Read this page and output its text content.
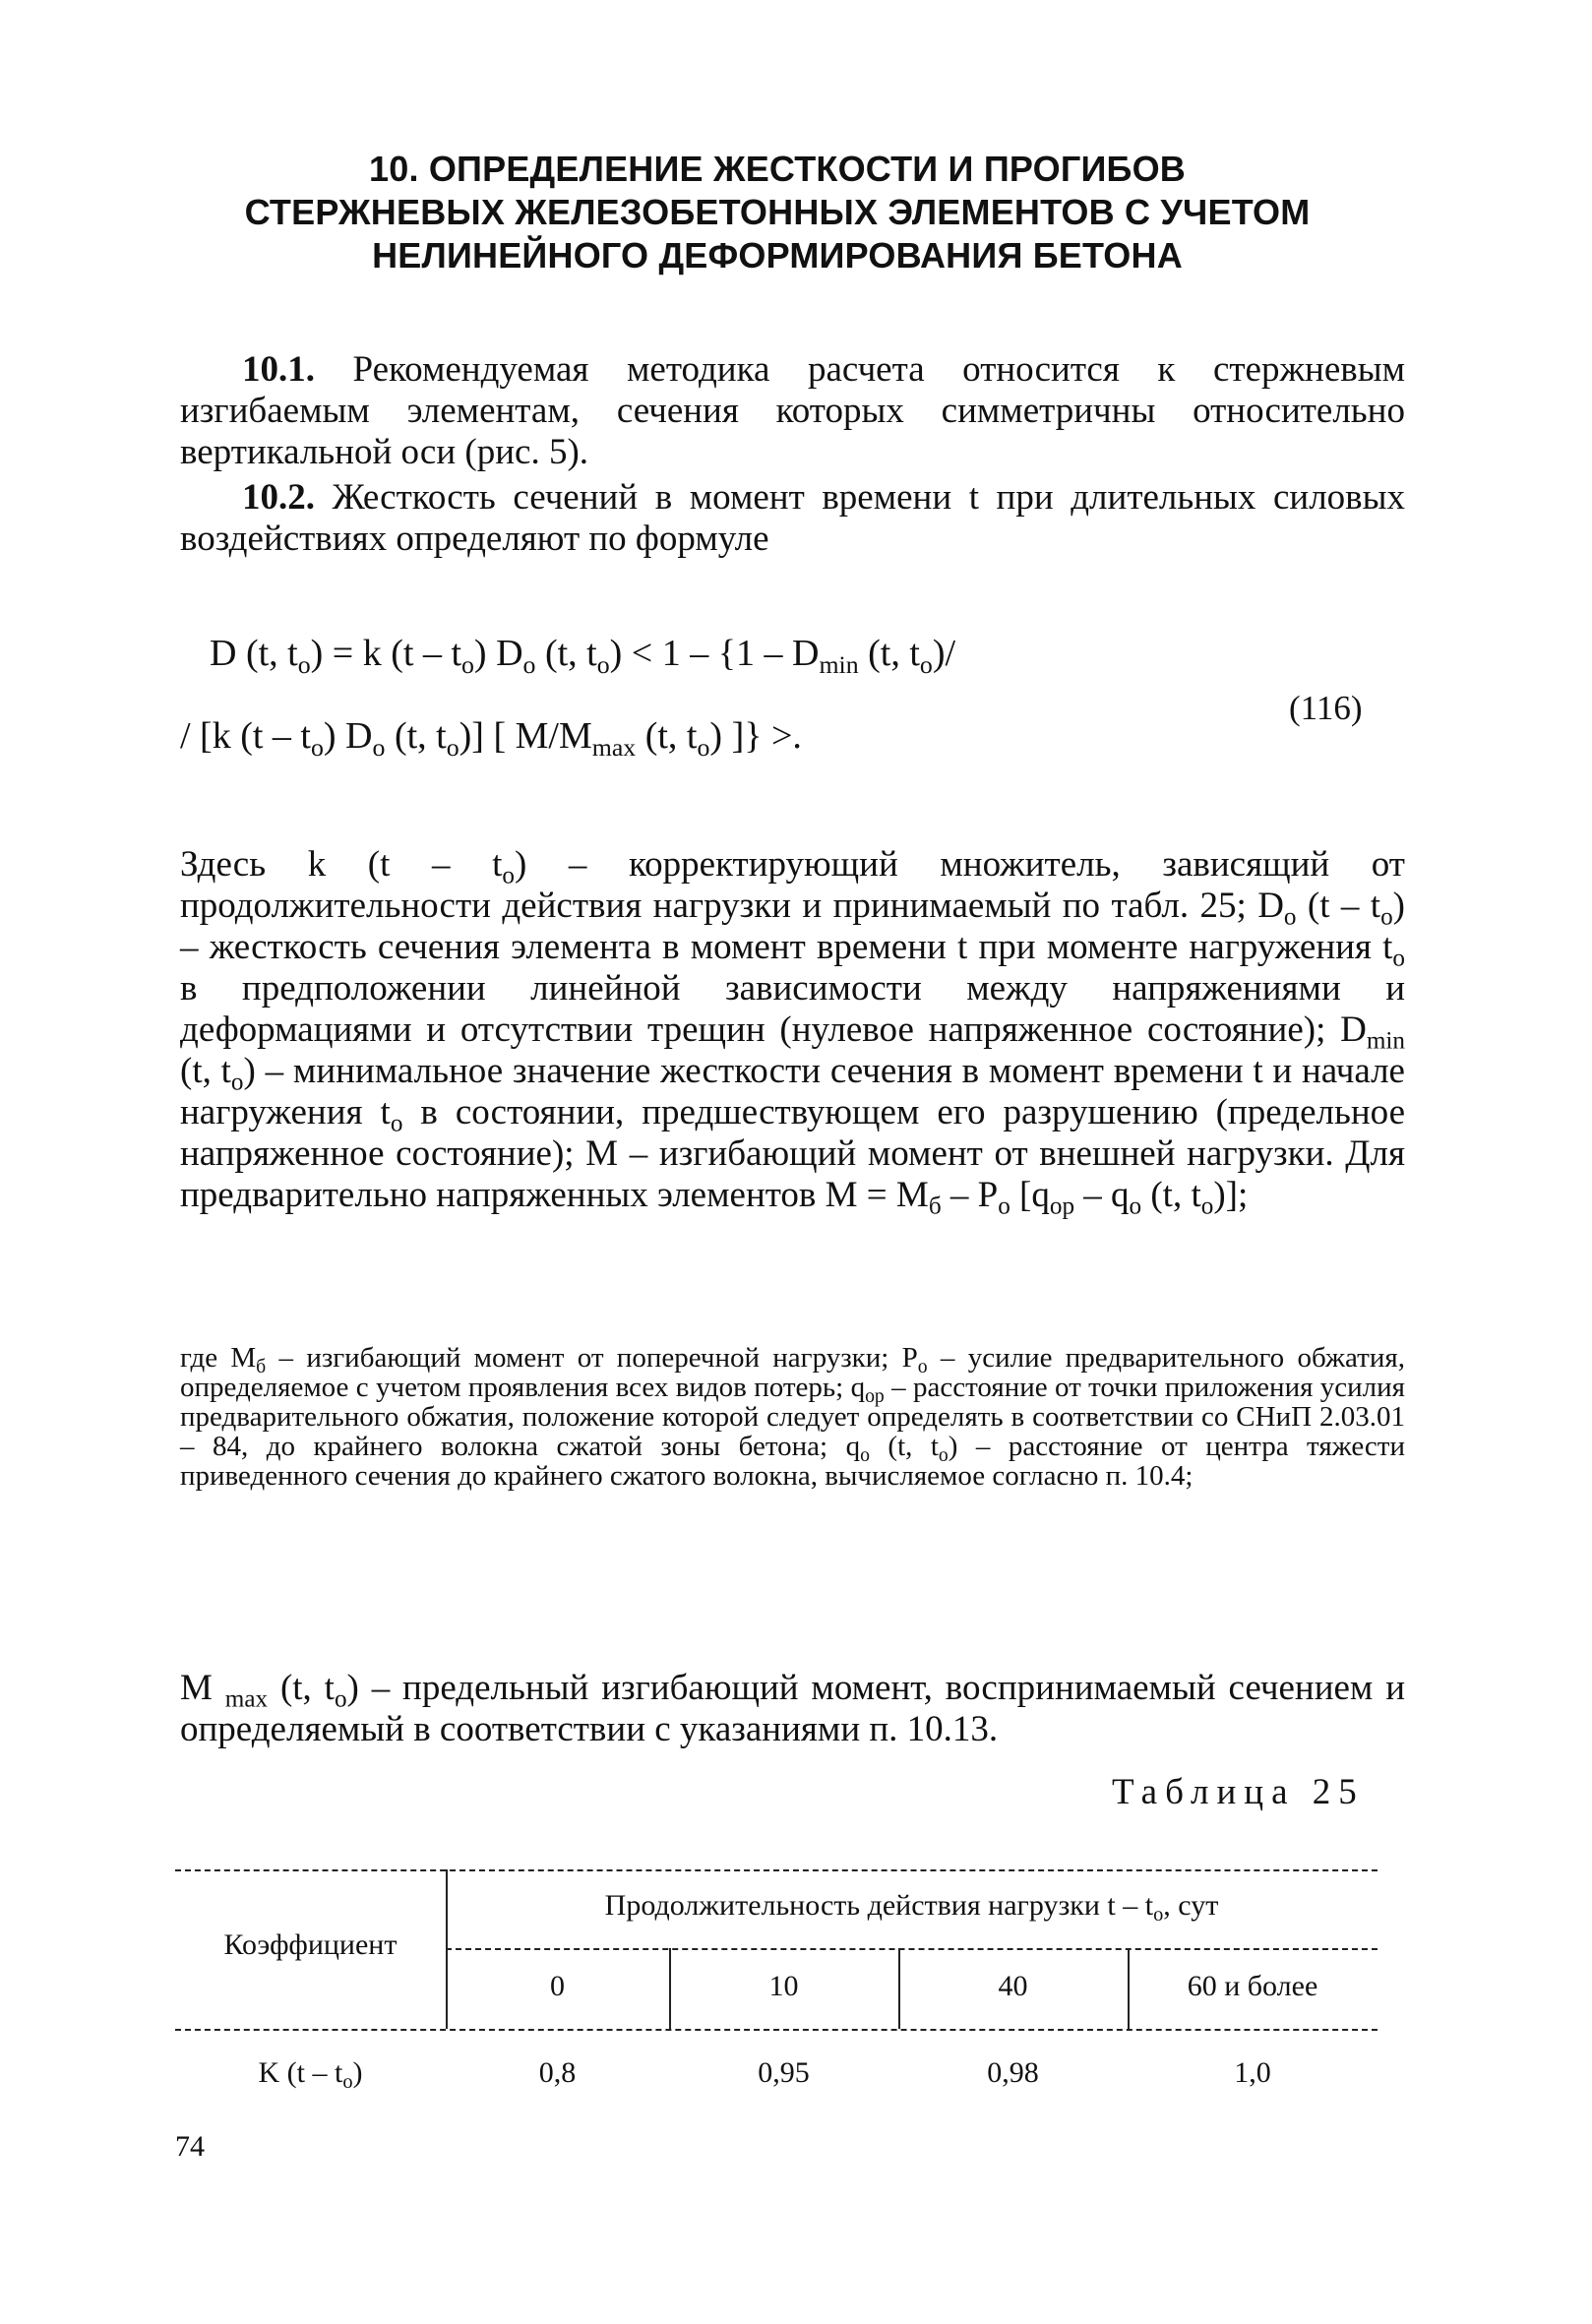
10. ОПРЕДЕЛЕНИЕ ЖЕСТКОСТИ И ПРОГИБОВ
СТЕРЖНЕВЫХ ЖЕЛЕЗОБЕТОННЫХ ЭЛЕМЕНТОВ С УЧЕТОМ
НЕЛИНЕЙНОГО ДЕФОРМИРОВАНИЯ БЕТОНА
10.1. Рекомендуемая методика расчета относится к стержневым изгибаемым элементам, сечения которых симметричны относительно вертикальной оси (рис. 5).
10.2. Жесткость сечений в момент времени t при длительных силовых воздействиях определяют по формуле
D (t, $t_o) = k$ $(t - t_o)$ $D_o$ (t, $t_o) < 1 - \{1 - D_{min}$ (t, $t_o)/$
/ [k $(t - t_o)$ $D_o$ (t, $t_o$)] [ $M/M_{max}$ (t, $t_o$) ]} >.
(116)
Здесь k $(t - t_o)$ – корректирующий множитель, зависящий от продолжительности действия нагрузки и принимаемый по табл. 25; $D_o$ $(t - t_o)$ – жесткость сечения элемента в момент времени t при моменте нагружения $t_o$ в предположении линейной зависимости между напряжениями и деформациями и отсутствии трещин (нулевое напряженное состояние); $D_{min}$ (t, $t_o$) – минимальное значение жесткости сечения в момент времени t и начале нагружения $t_o$ в состоянии, предшествующем его разрушению (предельное напряженное состояние); M – изгибающий момент от внешней нагрузки. Для предварительно напряженных элементов $M = M_б - P_o$ [$q_{op} - q_o$ (t, $t_o$)];
где $M_б$ – изгибающий момент от поперечной нагрузки; $P_o$ – усилие предварительного обжатия, определяемое с учетом проявления всех видов потерь; $q_{op}$ – расстояние от точки приложения усилия предварительного обжатия, положение которой следует определять в соответствии со СНиП 2.03.01 – 84, до крайнего волокна сжатой зоны бетона; $q_o$ (t, $t_o$) – расстояние от центра тяжести приведенного сечения до крайнего сжатого волокна, вычисляемое согласно п. 10.4;
M $_{max}$ (t, $t_o$) – предельный изгибающий момент, воспринимаемый сечением и определяемый в соответствии с указаниями п. 10.13.
Таблица 25
Коэффициент
Продолжительность действия нагрузки t – $t_o$, сут
0	10	40	60 и более
K $(t - t_o)$	0,8	0,95	0,98	1,0
74
